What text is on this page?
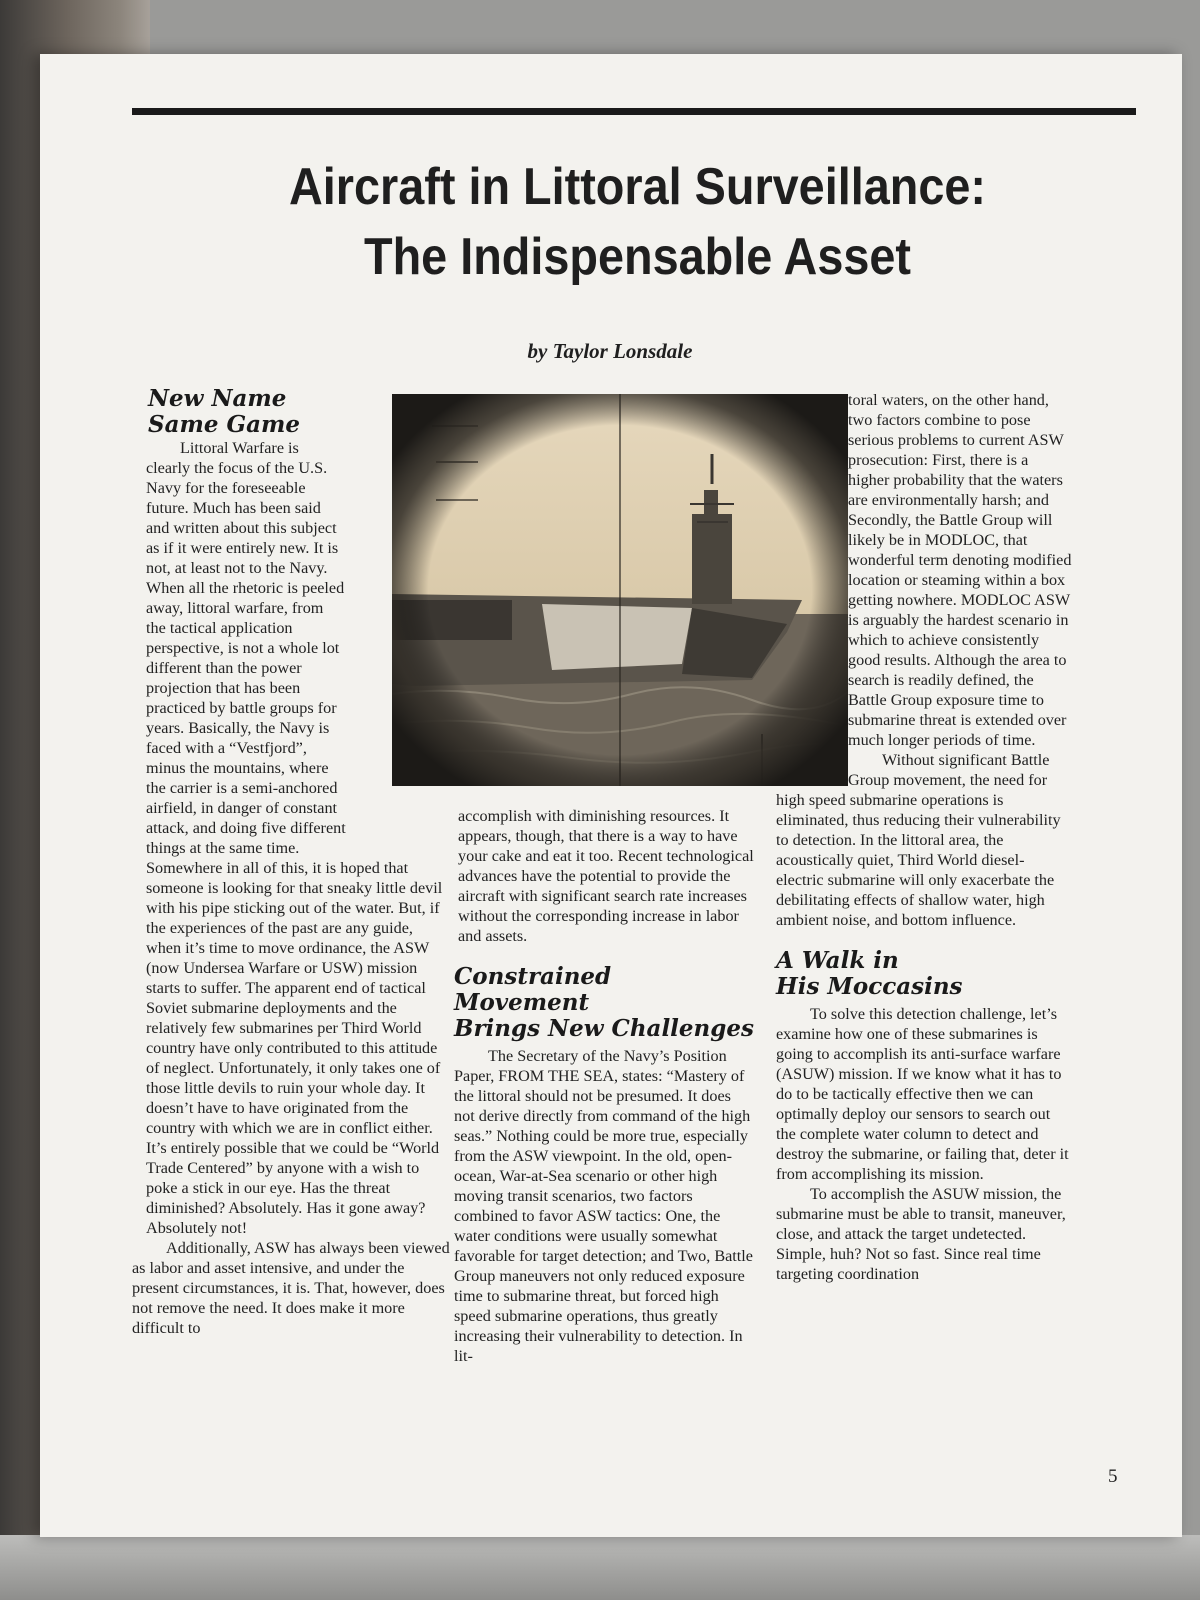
Aircraft in Littoral Surveillance:
The Indispensable Asset
by Taylor Lonsdale
New Name
Same Game

Littoral Warfare is clearly the focus of the U.S. Navy for the foreseeable future. Much has been said and written about this subject as if it were entirely new. It is not, at least not to the Navy. When all the rhetoric is peeled away, littoral warfare, from the tactical application perspective, is not a whole lot different than the power projection that has been practiced by battle groups for years. Basically, the Navy is faced with a “Vestfjord”, minus the mountains, where the carrier is a semi-anchored airfield, in danger of constant attack, and doing five different things at the same time. Somewhere in all of this, it is hoped that someone is looking for that sneaky little devil with his pipe sticking out of the water. But, if the experiences of the past are any guide, when it’s time to move ordinance, the ASW (now Undersea Warfare or USW) mission starts to suffer. The apparent end of tactical Soviet submarine deployments and the relatively few submarines per Third World country have only contributed to this attitude of neglect. Unfortunately, it only takes one of those little devils to ruin your whole day. It doesn’t have to have originated from the country with which we are in conflict either. It’s entirely possible that we could be “World Trade Centered” by anyone with a wish to poke a stick in our eye. Has the threat diminished? Absolutely. Has it gone away? Absolutely not!

Additionally, ASW has always been viewed as labor and asset intensive, and under the present circumstances, it is. That, however, does not remove the need. It does make it more difficult to

accomplish with diminishing resources. It appears, though, that there is a way to have your cake and eat it too. Recent technological advances have the potential to provide the aircraft with significant search rate increases without the corresponding increase in labor and assets.

Constrained Movement
Brings New Challenges

The Secretary of the Navy’s Position Paper, FROM THE SEA, states: “Mastery of the littoral should not be presumed. It does not derive directly from command of the high seas.” Nothing could be more true, especially from the ASW viewpoint. In the old, open-ocean, War-at-Sea scenario or other high moving transit scenarios, two factors combined to favor ASW tactics: One, the water conditions were usually somewhat favorable for target detection; and Two, Battle Group maneuvers not only reduced exposure time to submarine threat, but forced high speed submarine operations, thus greatly increasing their vulnerability to detection. In lit-

toral waters, on the other hand, two factors combine to pose serious problems to current ASW prosecution: First, there is a higher probability that the waters are environmentally harsh; and Secondly, the Battle Group will likely be in MODLOC, that wonderful term denoting modified location or steaming within a box getting nowhere. MODLOC ASW is arguably the hardest scenario in which to achieve consistently good results. Although the area to search is readily defined, the Battle Group exposure time to submarine threat is extended over much longer periods of time.

Without significant Battle Group movement, the need for high speed submarine operations is eliminated, thus reducing their vulnerability to detection. In the littoral area, the acoustically quiet, Third World diesel-electric submarine will only exacerbate the debilitating effects of shallow water, high ambient noise, and bottom influence.

A Walk in
His Moccasins

To solve this detection challenge, let’s examine how one of these submarines is going to accomplish its anti-surface warfare (ASUW) mission. If we know what it has to do to be tactically effective then we can optimally deploy our sensors to search out the complete water column to detect and destroy the submarine, or failing that, deter it from accomplishing its mission.

To accomplish the ASUW mission, the submarine must be able to transit, maneuver, close, and attack the target undetected. Simple, huh? Not so fast. Since real time targeting coordination

5
